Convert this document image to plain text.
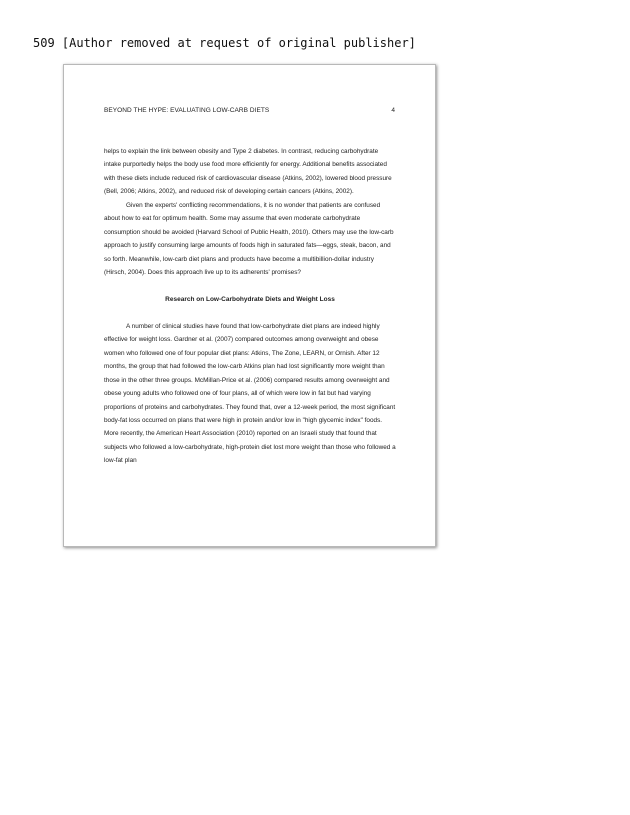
509 [Author removed at request of original publisher]
BEYOND THE HYPE: EVALUATING LOW-CARB DIETS	4

helps to explain the link between obesity and Type 2 diabetes. In contrast, reducing carbohydrate intake purportedly helps the body use food more efficiently for energy. Additional benefits associated with these diets include reduced risk of cardiovascular disease (Atkins, 2002), lowered blood pressure (Bell, 2006; Atkins, 2002), and reduced risk of developing certain cancers (Atkins, 2002).

Given the experts' conflicting recommendations, it is no wonder that patients are confused about how to eat for optimum health. Some may assume that even moderate carbohydrate consumption should be avoided (Harvard School of Public Health, 2010). Others may use the low-carb approach to justify consuming large amounts of foods high in saturated fats—eggs, steak, bacon, and so forth. Meanwhile, low-carb diet plans and products have become a multibillion-dollar industry (Hirsch, 2004). Does this approach live up to its adherents' promises?

Research on Low-Carbohydrate Diets and Weight Loss

A number of clinical studies have found that low-carbohydrate diet plans are indeed highly effective for weight loss. Gardner et al. (2007) compared outcomes among overweight and obese women who followed one of four popular diet plans: Atkins, The Zone, LEARN, or Ornish. After 12 months, the group that had followed the low-carb Atkins plan had lost significantly more weight than those in the other three groups. McMillan-Price et al. (2006) compared results among overweight and obese young adults who followed one of four plans, all of which were low in fat but had varying proportions of proteins and carbohydrates. They found that, over a 12-week period, the most significant body-fat loss occurred on plans that were high in protein and/or low in "high glycemic index" foods. More recently, the American Heart Association (2010) reported on an Israeli study that found that subjects who followed a low-carbohydrate, high-protein diet lost more weight than those who followed a low-fat plan
